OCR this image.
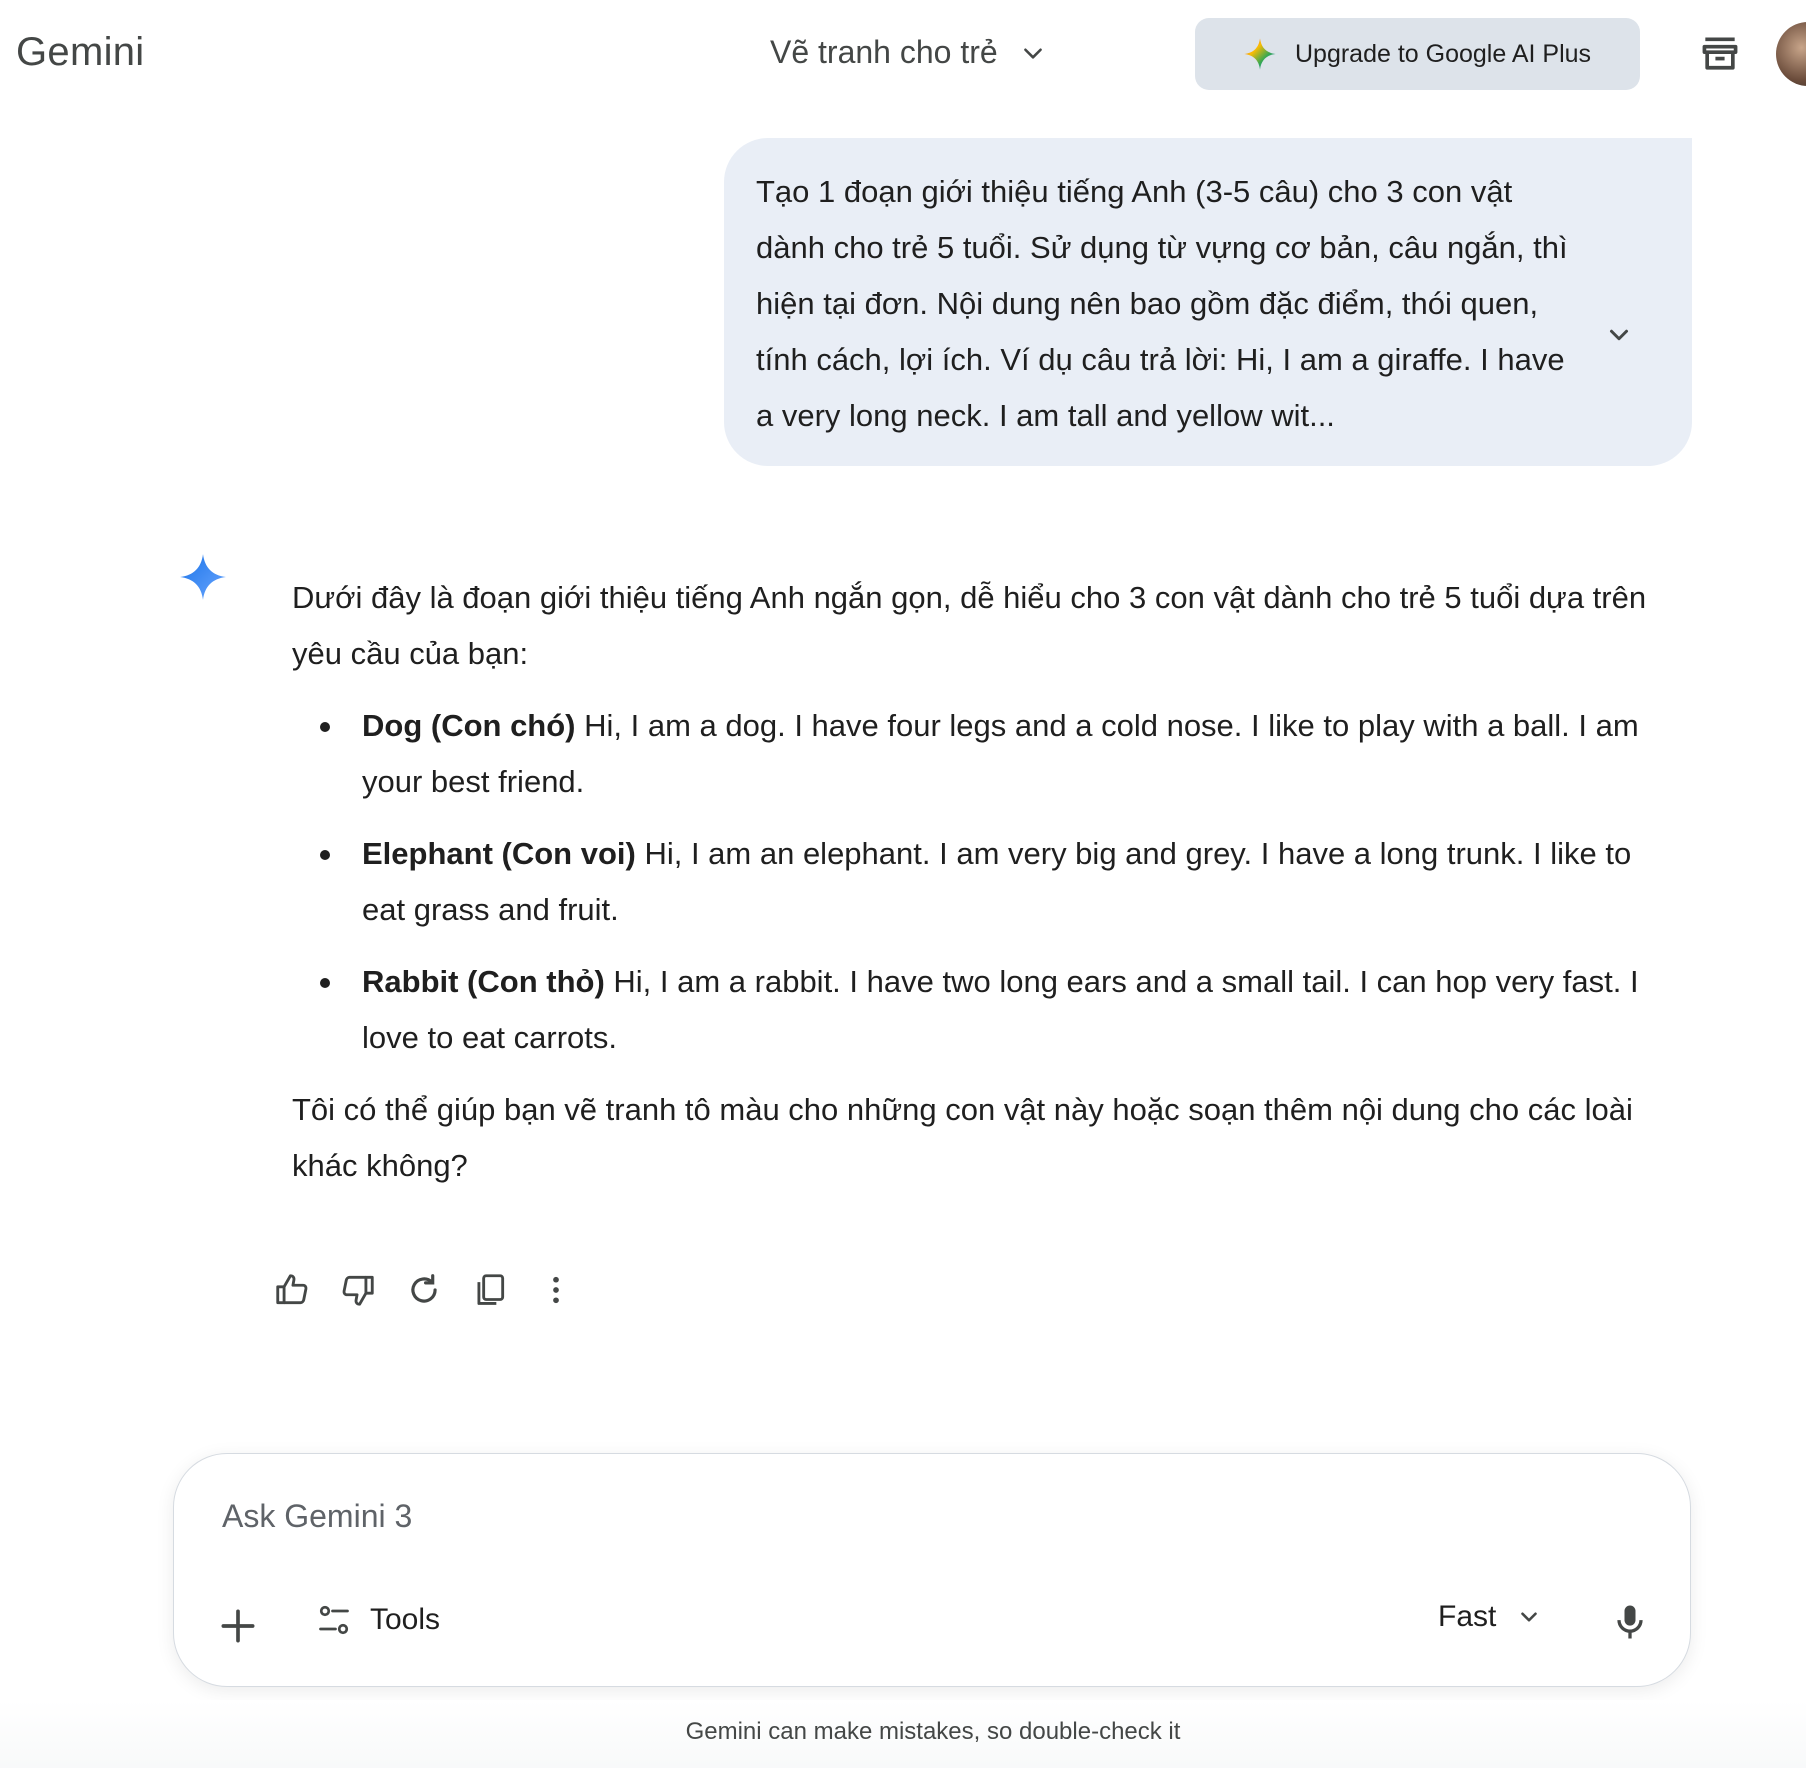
Gemini	Vẽ tranh cho trẻ	Upgrade to Google AI Plus
Tạo 1 đoạn giới thiệu tiếng Anh (3-5 câu) cho 3 con vật dành cho trẻ 5 tuổi. Sử dụng từ vựng cơ bản, câu ngắn, thì hiện tại đơn. Nội dung nên bao gồm đặc điểm, thói quen, tính cách, lợi ích. Ví dụ câu trả lời: Hi, I am a giraffe. I have a very long neck. I am tall and yellow wit...

Dưới đây là đoạn giới thiệu tiếng Anh ngắn gọn, dễ hiểu cho 3 con vật dành cho trẻ 5 tuổi dựa trên yêu cầu của bạn:

Dog (Con chó) Hi, I am a dog. I have four legs and a cold nose. I like to play with a ball. I am your best friend.
Elephant (Con voi) Hi, I am an elephant. I am very big and grey. I have a long trunk. I like to eat grass and fruit.
Rabbit (Con thỏ) Hi, I am a rabbit. I have two long ears and a small tail. I can hop very fast. I love to eat carrots.

Tôi có thể giúp bạn vẽ tranh tô màu cho những con vật này hoặc soạn thêm nội dung cho các loài khác không?

Ask Gemini 3
Tools	Fast
Gemini can make mistakes, so double-check it
